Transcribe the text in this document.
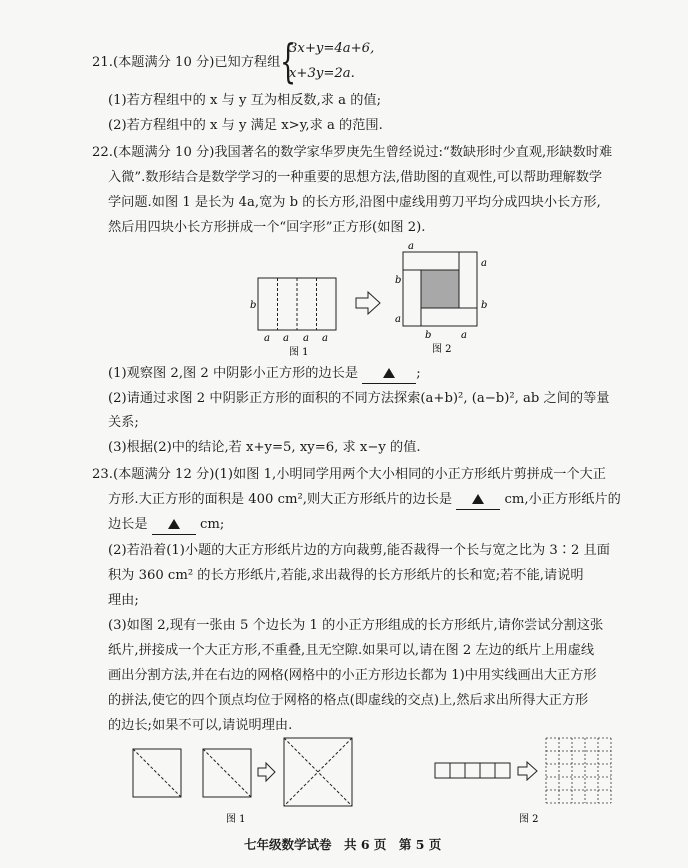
21.(本题满分 10 分)已知方程组 {
3x+y=4a+6,
x+3y=2a.
(1)若方程组中的 x 与 y 互为相反数,求 a 的值;
(2)若方程组中的 x 与 y 满足 x>y,求 a 的范围.
22.(本题满分 10 分)我国著名的数学家华罗庚先生曾经说过:“数缺形时少直观,形缺数时难
入微”.数形结合是数学学习的一种重要的思想方法,借助图的直观性,可以帮助理解数学
学问题.如图 1 是长为 4a,宽为 b 的长方形,沿图中虚线用剪刀平均分成四块小长方形,
然后用四块小长方形拼成一个“回字形”正方形(如图 2).
b
a a a a
图 1
a
a
b
b
a
b	a
图 2
图 1	图 2
(1)观察图 2,图 2 中阴影小正方形的边长是	;
(2)请通过求图 2 中阴影正方形的面积的不同方法探索(a+b)², (a−b)², ab 之间的等量
关系;
(3)根据(2)中的结论,若 x+y=5, xy=6, 求 x−y 的值.
23.(本题满分 12 分)(1)如图 1,小明同学用两个大小相同的小正方形纸片剪拼成一个大正
方形.大正方形的面积是 400 cm²,则大正方形纸片的边长是	cm,小正方形纸片的
边长是	cm;
(2)若沿着(1)小题的大正方形纸片边的方向裁剪,能否裁得一个长与宽之比为 3∶2 且面
积为 360 cm² 的长方形纸片,若能,求出裁得的长方形纸片的长和宽;若不能,请说明
理由;
(3)如图 2,现有一张由 5 个边长为 1 的小正方形组成的长方形纸片,请你尝试分割这张
纸片,拼接成一个大正方形,不重叠,且无空隙.如果可以,请在图 2 左边的纸片上用虚线
画出分割方法,并在右边的网格(网格中的小正方形边长都为 1)中用实线画出大正方形
的拼法,使它的四个顶点均位于网格的格点(即虚线的交点)上,然后求出所得大正方形
的边长;如果不可以,请说明理由.
七年级数学试卷　共 6 页　第 5 页
